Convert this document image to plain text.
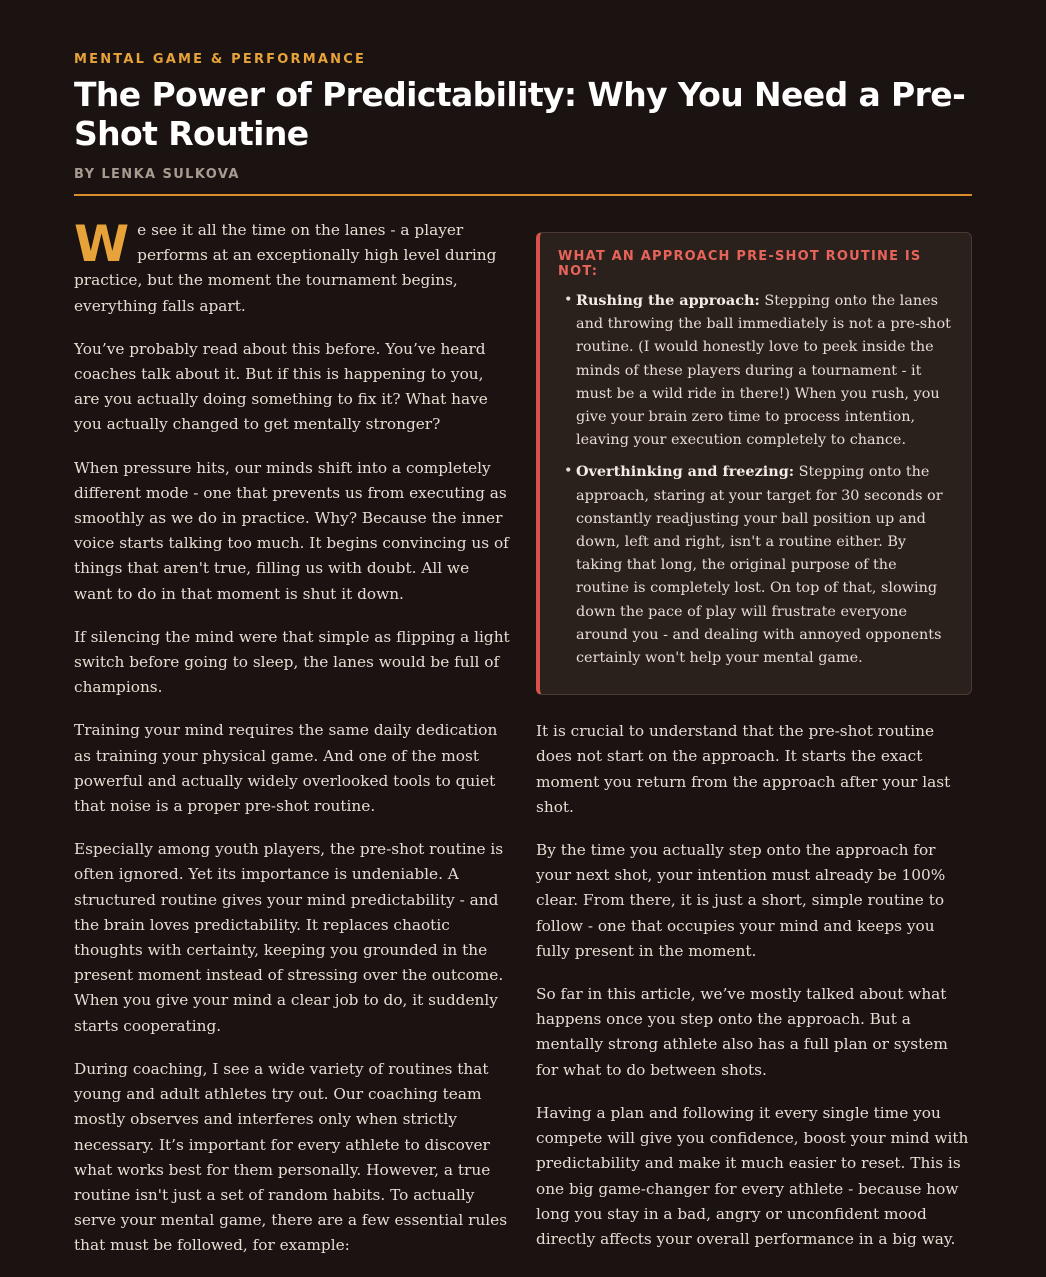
MENTAL GAME & PERFORMANCE

The Power of Predictability: Why You Need a Pre-Shot Routine

BY LENKA SULKOVA

We see it all the time on the lanes - a player performs at an exceptionally high level during practice, but the moment the tournament begins, everything falls apart.

You’ve probably read about this before. You’ve heard coaches talk about it. But if this is happening to you, are you actually doing something to fix it? What have you actually changed to get mentally stronger?

When pressure hits, our minds shift into a completely different mode - one that prevents us from executing as smoothly as we do in practice. Why? Because the inner voice starts talking too much. It begins convincing us of things that aren't true, filling us with doubt. All we want to do in that moment is shut it down.

If silencing the mind were that simple as flipping a light switch before going to sleep, the lanes would be full of champions.

Training your mind requires the same daily dedication as training your physical game. And one of the most powerful and actually widely overlooked tools to quiet that noise is a proper pre-shot routine.

Especially among youth players, the pre-shot routine is often ignored. Yet its importance is undeniable. A structured routine gives your mind predictability - and the brain loves predictability. It replaces chaotic thoughts with certainty, keeping you grounded in the present moment instead of stressing over the outcome. When you give your mind a clear job to do, it suddenly starts cooperating.

During coaching, I see a wide variety of routines that young and adult athletes try out. Our coaching team mostly observes and interferes only when strictly necessary. It’s important for every athlete to discover what works best for them personally. However, a true routine isn't just a set of random habits. To actually serve your mental game, there are a few essential rules that must be followed, for example:

WHAT AN APPROACH PRE-SHOT ROUTINE IS NOT:
• Rushing the approach: Stepping onto the lanes and throwing the ball immediately is not a pre-shot routine. (I would honestly love to peek inside the minds of these players during a tournament - it must be a wild ride in there!) When you rush, you give your brain zero time to process intention, leaving your execution completely to chance.
• Overthinking and freezing: Stepping onto the approach, staring at your target for 30 seconds or constantly readjusting your ball position up and down, left and right, isn't a routine either. By taking that long, the original purpose of the routine is completely lost. On top of that, slowing down the pace of play will frustrate everyone around you - and dealing with annoyed opponents certainly won't help your mental game.

It is crucial to understand that the pre-shot routine does not start on the approach. It starts the exact moment you return from the approach after your last shot.

By the time you actually step onto the approach for your next shot, your intention must already be 100% clear. From there, it is just a short, simple routine to follow - one that occupies your mind and keeps you fully present in the moment.

So far in this article, we’ve mostly talked about what happens once you step onto the approach. But a mentally strong athlete also has a full plan or system for what to do between shots.

Having a plan and following it every single time you compete will give you confidence, boost your mind with predictability and make it much easier to reset. This is one big game-changer for every athlete - because how long you stay in a bad, angry or unconfident mood directly affects your overall performance in a big way.
